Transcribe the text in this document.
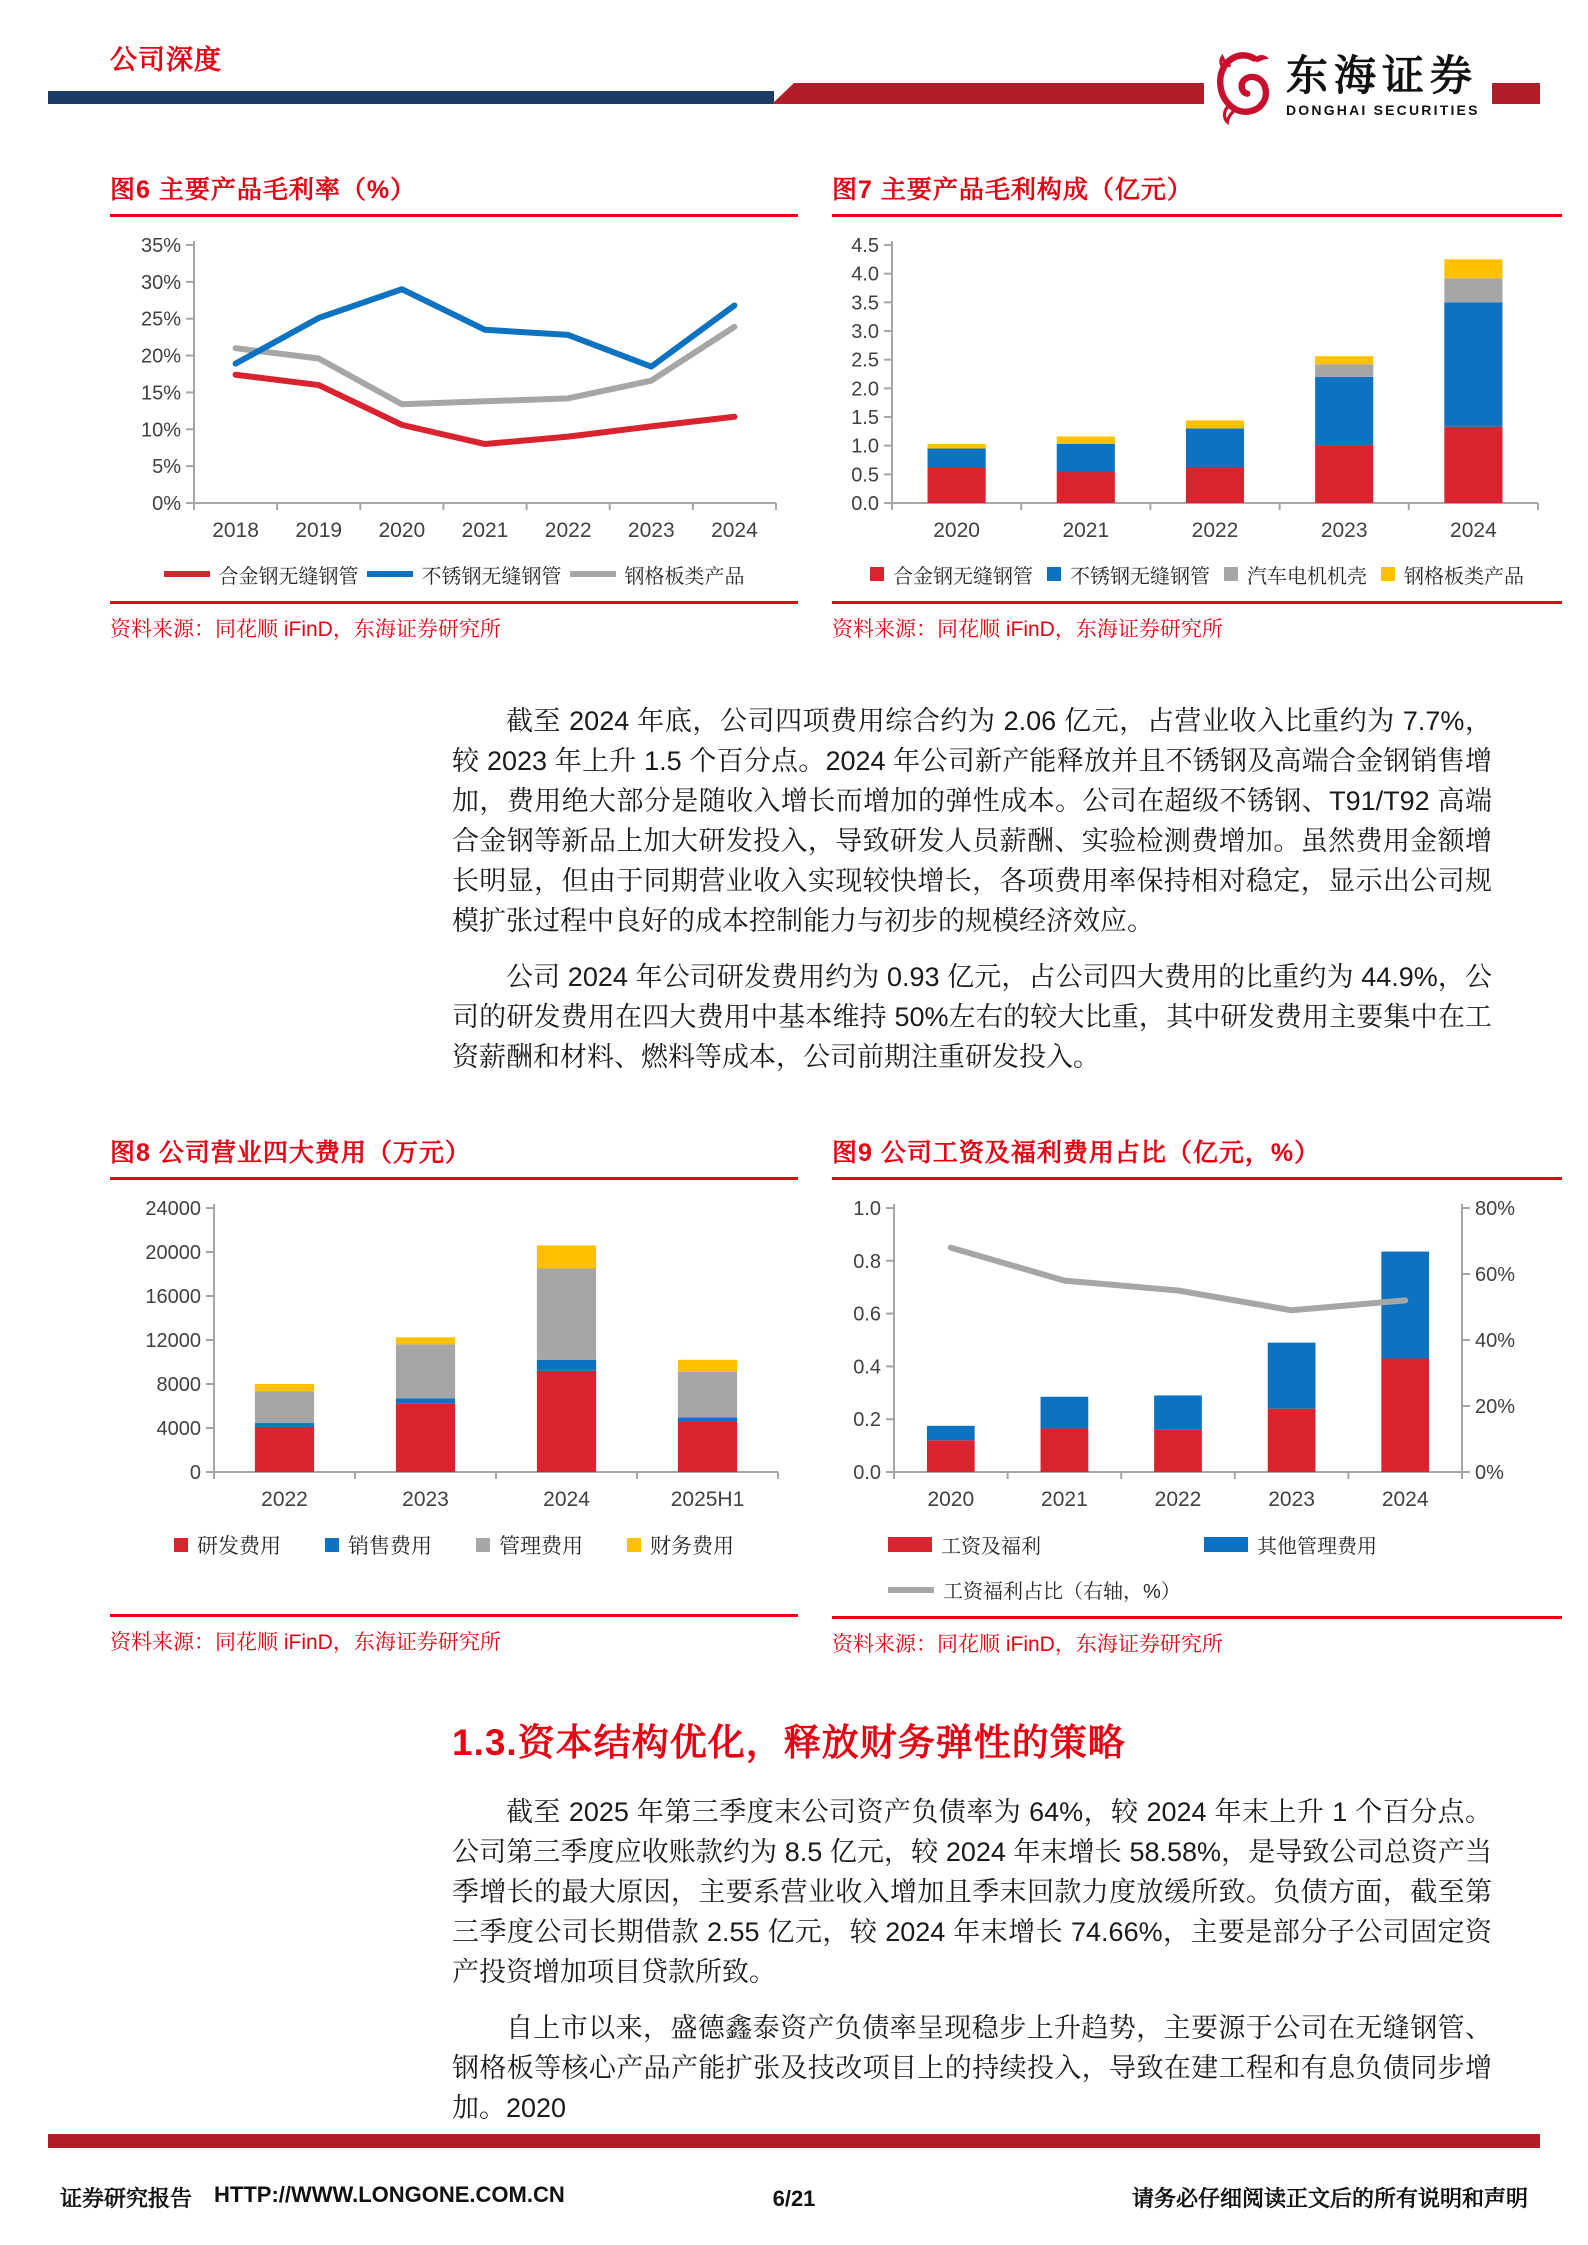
公司深度	东海证券
DONGHAI SECURITIES
图6 主要产品毛利率（%）
0%
5%
10%
15%
20%
25%
30%
35%
2018 2019 2020 2021 2022 2023 2024
合金钢无缝钢管	不锈钢无缝钢管	钢格板类产品
资料来源：同花顺 iFinD，东海证券研究所
图7 主要产品毛利构成（亿元）
0.0
0.5
1.0
1.5
2.0
2.5
3.0
3.5
4.0
4.5
2020	2021	2022	2023	2024
合金钢无缝钢管 不锈钢无缝钢管 汽车电机机壳 钢格板类产品
资料来源：同花顺 iFinD，东海证券研究所

截至 2024 年底，公司四项费用综合约为 2.06 亿元，占营业收入比重约为 7.7%，较 2023 年上升 1.5 个百分点。2024 年公司新产能释放并且不锈钢及高端合金钢销售增加，费用绝大部分是随收入增长而增加的弹性成本。公司在超级不锈钢、T91/T92 高端合金钢等新品上加大研发投入，导致研发人员薪酬、实验检测费增加。虽然费用金额增长明显，但由于同期营业收入实现较快增长，各项费用率保持相对稳定，显示出公司规模扩张过程中良好的成本控制能力与初步的规模经济效应。

公司 2024 年公司研发费用约为 0.93 亿元，占公司四大费用的比重约为 44.9%，公司的研发费用在四大费用中基本维持 50%左右的较大比重，其中研发费用主要集中在工资薪酬和材料、燃料等成本，公司前期注重研发投入。

图8 公司营业四大费用（万元）
0
4000
8000
12000
16000
20000
24000
2022	2023	2024	2025H1
研发费用	销售费用	管理费用	财务费用
资料来源：同花顺 iFinD，东海证券研究所
图9 公司工资及福利费用占比（亿元，%）
0.0
0.2
0.4
0.6
0.8
1.0
0%
20%
40%
60%
80%
2020	2021	2022	2023	2024
工资及福利	其他管理费用
工资福利占比（右轴，%）
资料来源：同花顺 iFinD，东海证券研究所
1.3.资本结构优化，释放财务弹性的策略

截至 2025 年第三季度末公司资产负债率为 64%，较 2024 年末上升 1 个百分点。公司第三季度应收账款约为 8.5 亿元，较 2024 年末增长 58.58%，是导致公司总资产当季增长的最大原因，主要系营业收入增加且季末回款力度放缓所致。负债方面，截至第三季度公司长期借款 2.55 亿元，较 2024 年末增长 74.66%，主要是部分子公司固定资产投资增加项目贷款所致。

自上市以来，盛德鑫泰资产负债率呈现稳步上升趋势，主要源于公司在无缝钢管、钢格板等核心产品产能扩张及技改项目上的持续投入，导致在建工程和有息负债同步增加。2020

证券研究报告 HTTP://WWW.LONGONE.COM.CN	6/21	请务必仔细阅读正文后的所有说明和声明
